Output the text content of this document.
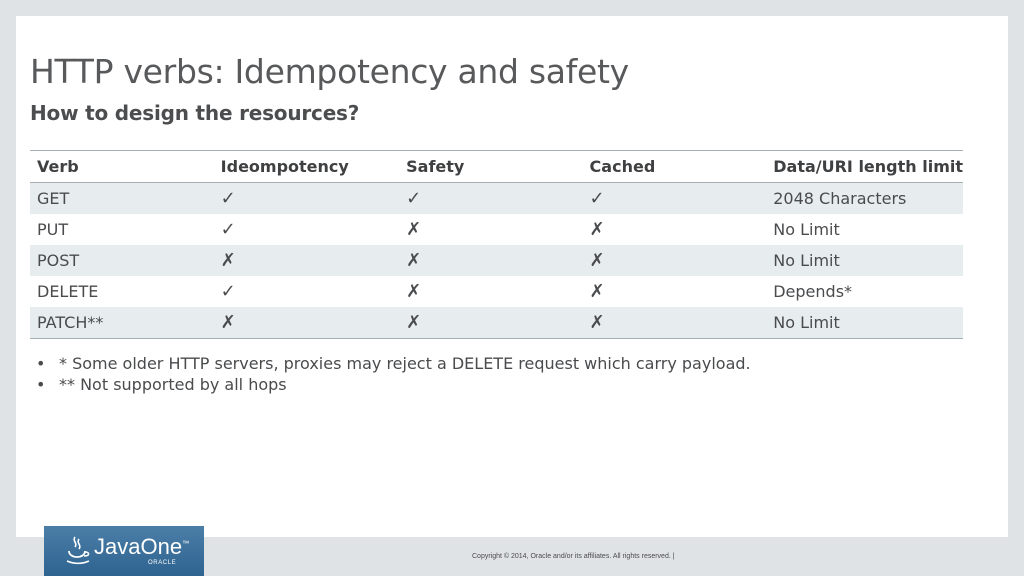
HTTP verbs: Idempotency and safety
How to design the resources?
Verb	Ideompotency	Safety	Cached	Data/URI length limit
GET	✓	✓	✓	2048 Characters
PUT	✓	✗	✗	No Limit
POST	✗	✗	✗	No Limit
DELETE	✓	✗	✗	Depends*
PATCH**	✗	✗	✗	No Limit
• * Some older HTTP servers, proxies may reject a DELETE request which carry payload.
• ** Not supported by all hops
JavaOne™
ORACLE
Copyright © 2014, Oracle and/or its affiliates. All rights reserved. |
